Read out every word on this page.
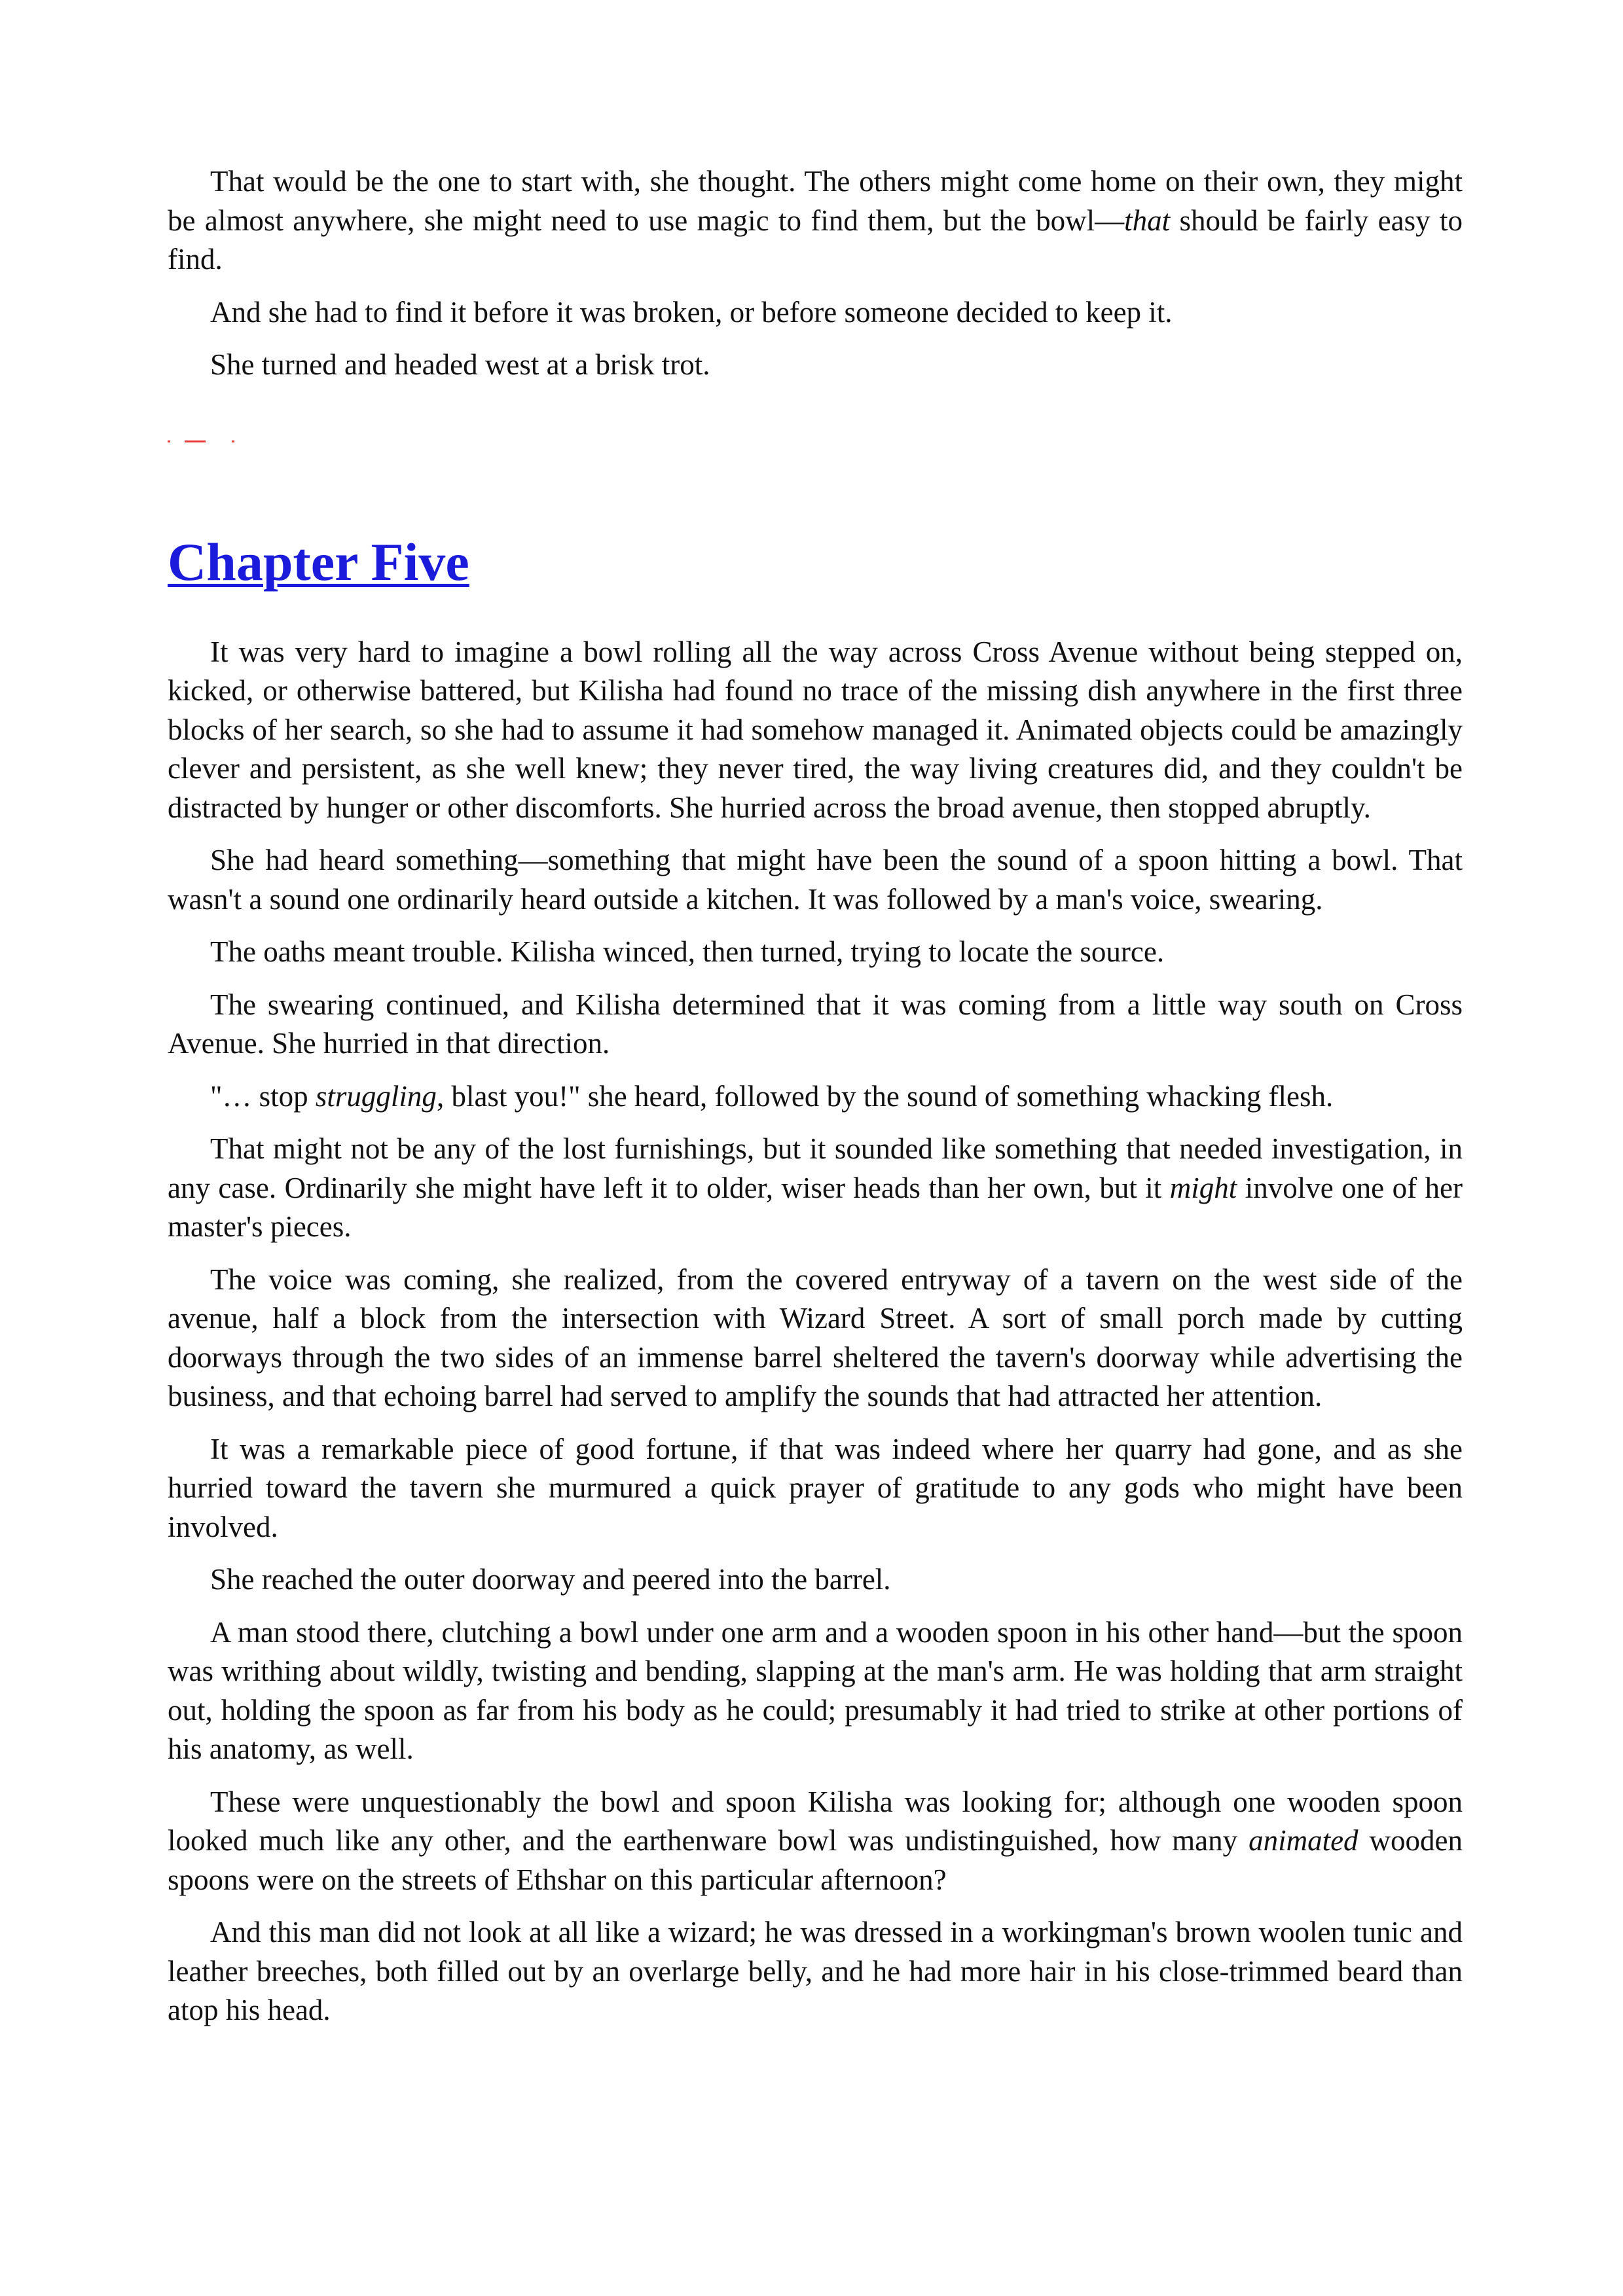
That would be the one to start with, she thought. The others might come home on their own, they might be almost anywhere, she might need to use magic to find them, but the bowl—that should be fairly easy to find.

And she had to find it before it was broken, or before someone decided to keep it.

She turned and headed west at a brisk trot.

Chapter Five

It was very hard to imagine a bowl rolling all the way across Cross Avenue without being stepped on, kicked, or otherwise battered, but Kilisha had found no trace of the missing dish anywhere in the first three blocks of her search, so she had to assume it had somehow managed it. Animated objects could be amazingly clever and persistent, as she well knew; they never tired, the way living creatures did, and they couldn't be distracted by hunger or other discomforts. She hurried across the broad avenue, then stopped abruptly.

She had heard something—something that might have been the sound of a spoon hitting a bowl. That wasn't a sound one ordinarily heard outside a kitchen. It was followed by a man's voice, swearing.

The oaths meant trouble. Kilisha winced, then turned, trying to locate the source.

The swearing continued, and Kilisha determined that it was coming from a little way south on Cross Avenue. She hurried in that direction.

"… stop struggling, blast you!" she heard, followed by the sound of something whacking flesh.

That might not be any of the lost furnishings, but it sounded like something that needed investigation, in any case. Ordinarily she might have left it to older, wiser heads than her own, but it might involve one of her master's pieces.

The voice was coming, she realized, from the covered entryway of a tavern on the west side of the avenue, half a block from the intersection with Wizard Street. A sort of small porch made by cutting doorways through the two sides of an immense barrel sheltered the tavern's doorway while advertising the business, and that echoing barrel had served to amplify the sounds that had attracted her attention.

It was a remarkable piece of good fortune, if that was indeed where her quarry had gone, and as she hurried toward the tavern she murmured a quick prayer of gratitude to any gods who might have been involved.

She reached the outer doorway and peered into the barrel.

A man stood there, clutching a bowl under one arm and a wooden spoon in his other hand—but the spoon was writhing about wildly, twisting and bending, slapping at the man's arm. He was holding that arm straight out, holding the spoon as far from his body as he could; presumably it had tried to strike at other portions of his anatomy, as well.

These were unquestionably the bowl and spoon Kilisha was looking for; although one wooden spoon looked much like any other, and the earthenware bowl was undistinguished, how many animated wooden spoons were on the streets of Ethshar on this particular afternoon?

And this man did not look at all like a wizard; he was dressed in a workingman's brown woolen tunic and leather breeches, both filled out by an overlarge belly, and he had more hair in his close-trimmed beard than atop his head.
